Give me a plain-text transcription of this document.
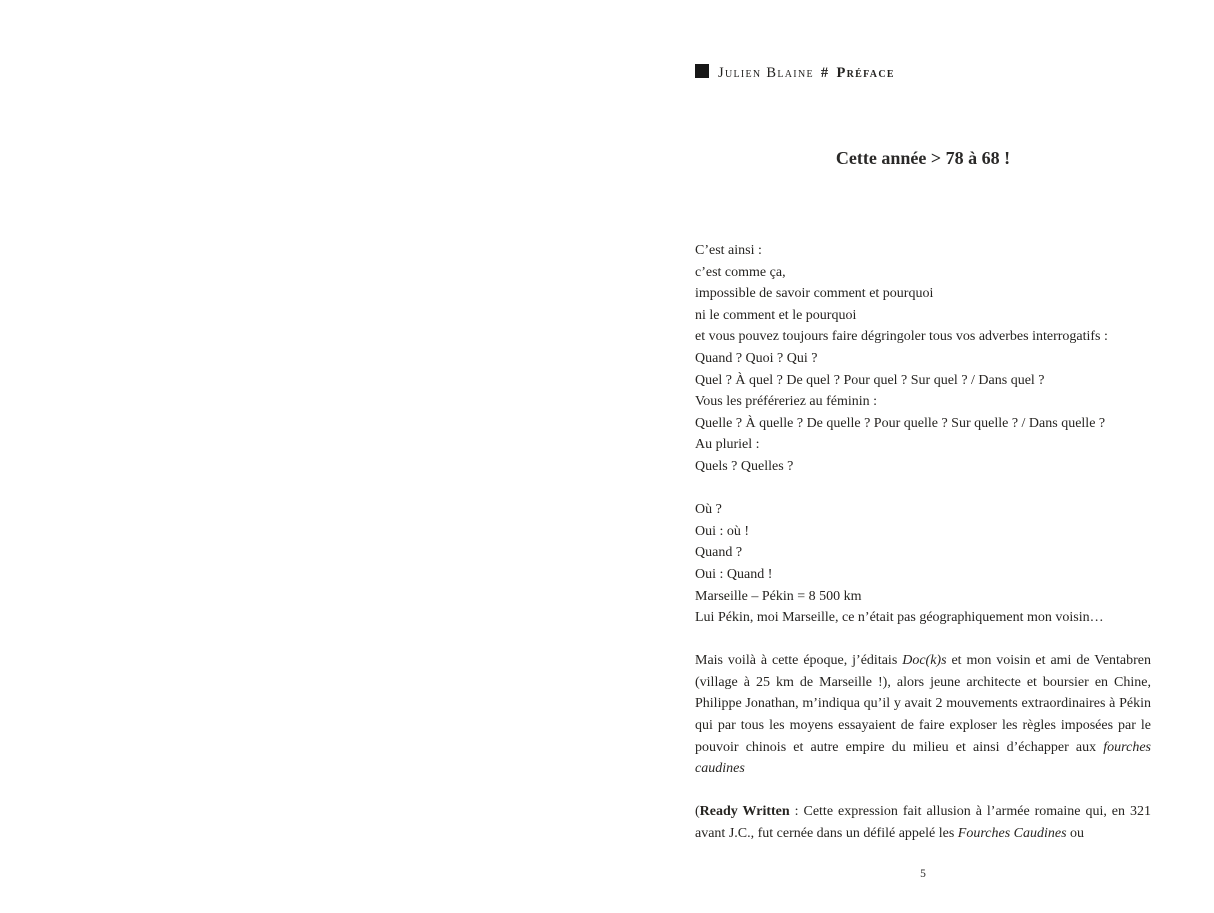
Julien Blaine # Préface
Cette année > 78 à 68 !
C’est ainsi :
c’est comme ça,
impossible de savoir comment et pourquoi
ni le comment et le pourquoi
et vous pouvez toujours faire dégringoler tous vos adverbes interrogatifs :
Quand ? Quoi ? Qui ?
Quel ? À quel ? De quel ? Pour quel ? Sur quel ? / Dans quel ?
Vous les préféreriez au féminin :
Quelle ? À quelle ? De quelle ? Pour quelle ? Sur quelle ? / Dans quelle ?
Au pluriel :
Quels ? Quelles ?
Où ?
Oui : où !
Quand ?
Oui : Quand !
Marseille – Pékin = 8 500 km
Lui Pékin, moi Marseille, ce n’était pas géographiquement mon voisin…

Mais voilà à cette époque, j’éditais Doc(k)s et mon voisin et ami de Ventabren (village à 25 km de Marseille !), alors jeune architecte et boursier en Chine, Philippe Jonathan, m’indiqua qu’il y avait 2 mouvements extraordinaires à Pékin qui par tous les moyens essayaient de faire exploser les règles imposées par le pouvoir chinois et autre empire du milieu et ainsi d’échapper aux fourches caudines

(Ready Written : Cette expression fait allusion à l’armée romaine qui, en 321 avant J.C., fut cernée dans un défilé appelé les Fourches Caudines ou

5
